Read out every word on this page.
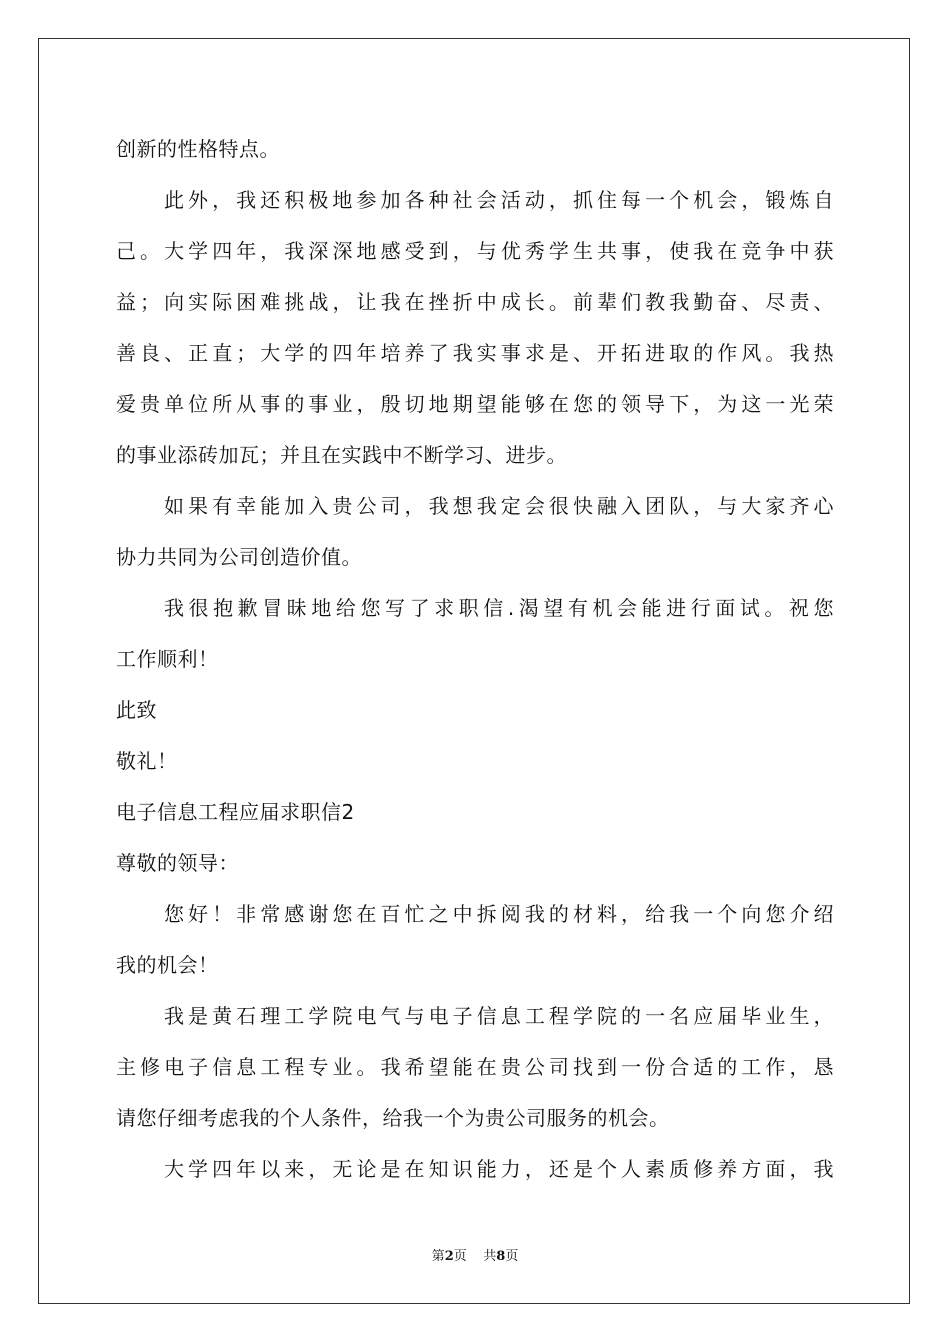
创新的性格特点。
此外，我还积极地参加各种社会活动，抓住每一个机会，锻炼自
己。大学四年，我深深地感受到，与优秀学生共事，使我在竞争中获
益；向实际困难挑战，让我在挫折中成长。前辈们教我勤奋、尽责、
善良、正直；大学的四年培养了我实事求是、开拓进取的作风。我热
爱贵单位所从事的事业，殷切地期望能够在您的领导下，为这一光荣
的事业添砖加瓦；并且在实践中不断学习、进步。
如果有幸能加入贵公司，我想我定会很快融入团队，与大家齐心
协力共同为公司创造价值。
我很抱歉冒昧地给您写了求职信.渴望有机会能进行面试。祝您
工作顺利！
此致
敬礼！
电子信息工程应届求职信2
尊敬的领导：
您好！非常感谢您在百忙之中拆阅我的材料，给我一个向您介绍
我的机会！
我是黄石理工学院电气与电子信息工程学院的一名应届毕业生，
主修电子信息工程专业。我希望能在贵公司找到一份合适的工作，恳
请您仔细考虑我的个人条件，给我一个为贵公司服务的机会。
大学四年以来，无论是在知识能力，还是个人素质修养方面，我
第2页    共8页
